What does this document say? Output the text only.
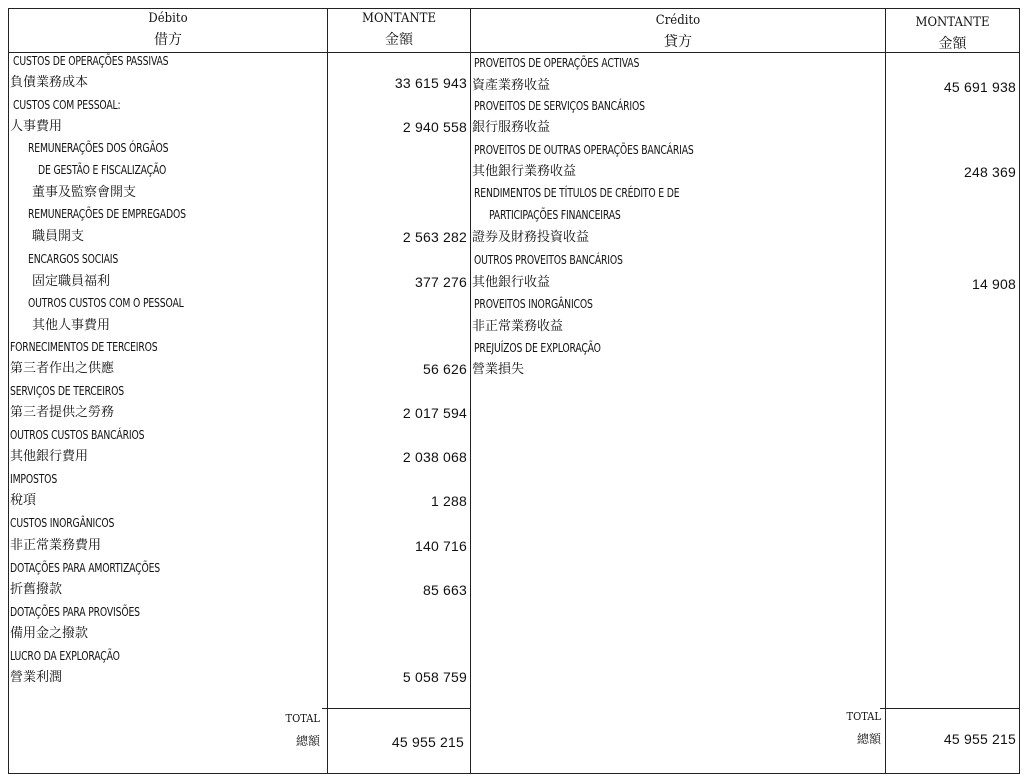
Débito
借方
MONTANTE
金額
Crédito
貸方
MONTANTE
金額
CUSTOS DE OPERAÇÕES PASSIVAS
負債業務成本	33 615 943
CUSTOS COM PESSOAL:
人事費用	2 940 558
REMUNERAÇÕES DOS ÓRGÃOS
DE GESTÃO E FISCALIZAÇÃO
董事及監察會開支
REMUNERAÇÕES DE EMPREGADOS
職員開支	2 563 282
ENCARGOS SOCIAIS
固定職員福利	377 276
OUTROS CUSTOS COM O PESSOAL
其他人事費用
FORNECIMENTOS DE TERCEIROS
第三者作出之供應	56 626
SERVIÇOS DE TERCEIROS
第三者提供之勞務	2 017 594
OUTROS CUSTOS BANCÁRIOS
其他銀行費用	2 038 068
IMPOSTOS
稅項	1 288
CUSTOS INORGÂNICOS
非正常業務費用	140 716
DOTAÇÕES PARA AMORTIZAÇÕES
折舊撥款	85 663
DOTAÇÕES PARA PROVISÕES
備用金之撥款
LUCRO DA EXPLORAÇÃO
營業利潤	5 058 759
PROVEITOS DE OPERAÇÕES ACTIVAS
資產業務收益	45 691 938
PROVEITOS DE SERVIÇOS BANCÁRIOS
銀行服務收益
PROVEITOS DE OUTRAS OPERAÇÕES BANCÁRIAS
其他銀行業務收益	248 369
RENDIMENTOS DE TÍTULOS DE CRÉDITO E DE
PARTICIPAÇÕES FINANCEIRAS
證券及財務投資收益
OUTROS PROVEITOS BANCÁRIOS
其他銀行收益	14 908
PROVEITOS INORGÂNICOS
非正常業務收益
PREJUÍZOS DE EXPLORAÇÃO
營業損失
TOTAL
總額	45 955 215
TOTAL
總額	45 955 215
